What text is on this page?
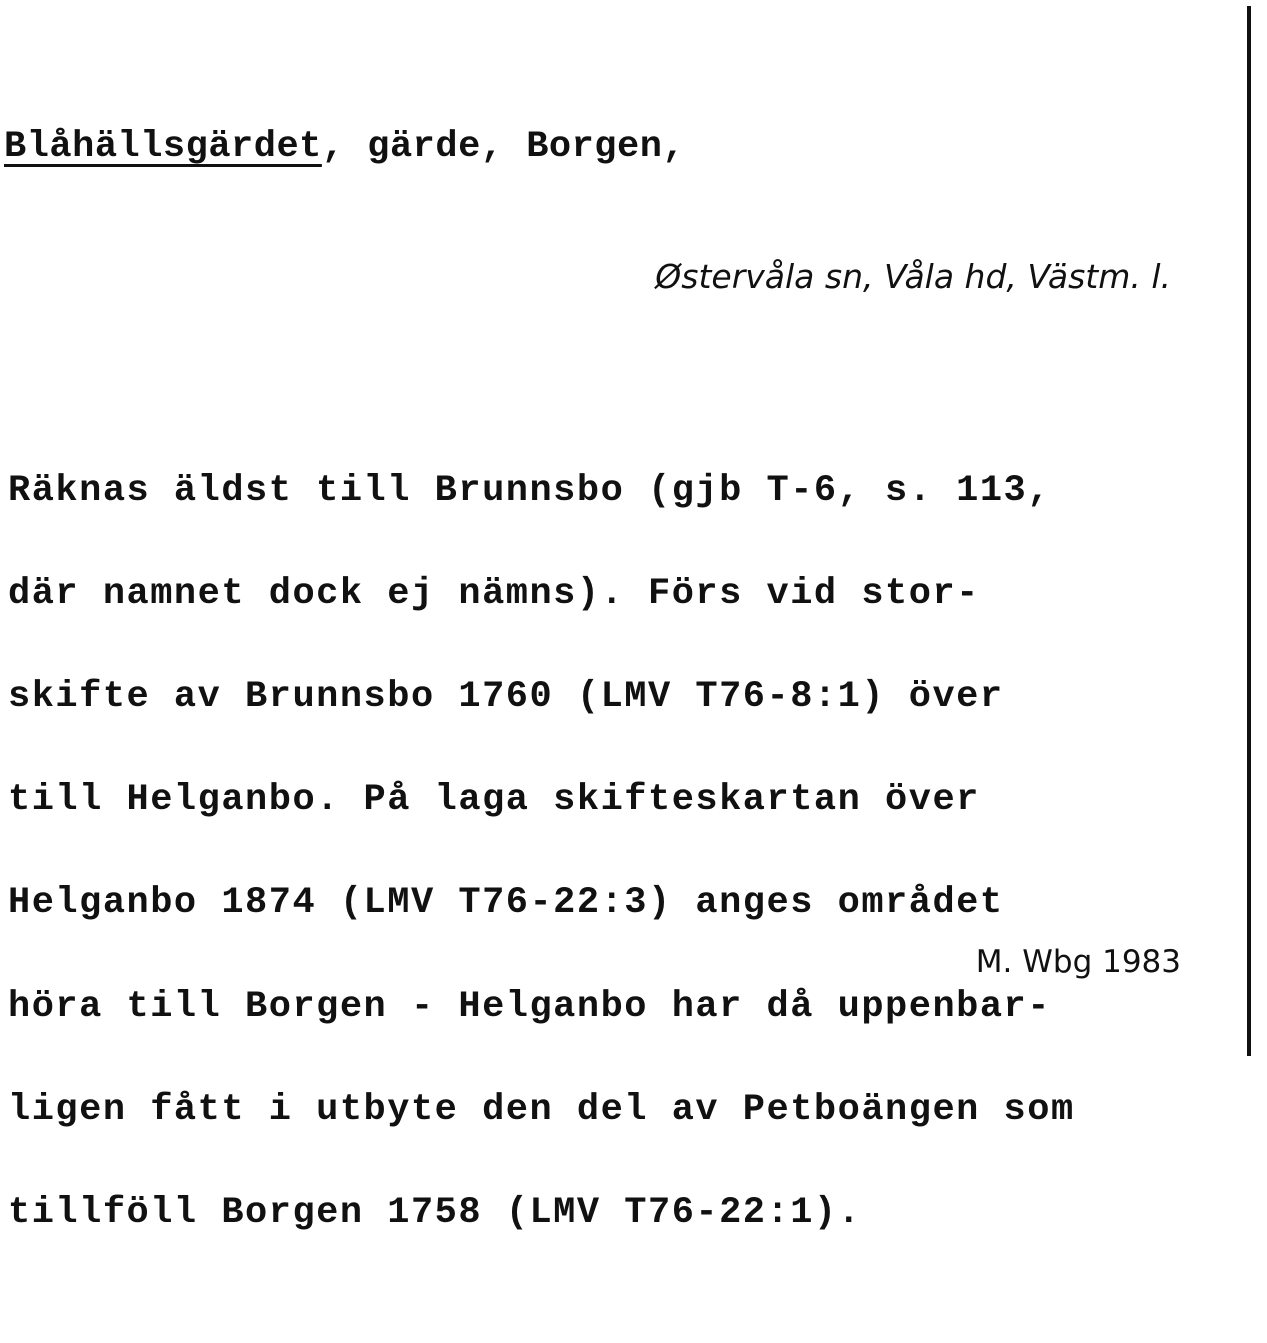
Blåhällsgärdet, gärde, Borgen,
Østervåla sn, Våla hd, Västm. l.

Räknas äldst till Brunnsbo (gjb T-6, s. 113,

där namnet dock ej nämns). Förs vid stor-

skifte av Brunnsbo 1760 (LMV T76-8:1) över

till Helganbo. På laga skifteskartan över

Helganbo 1874 (LMV T76-22:3) anges området

höra till Borgen - Helganbo har då uppenbar-

ligen fått i utbyte den del av Petboängen som

tillföll Borgen 1758 (LMV T76-22:1).

M. Wbg 1983
